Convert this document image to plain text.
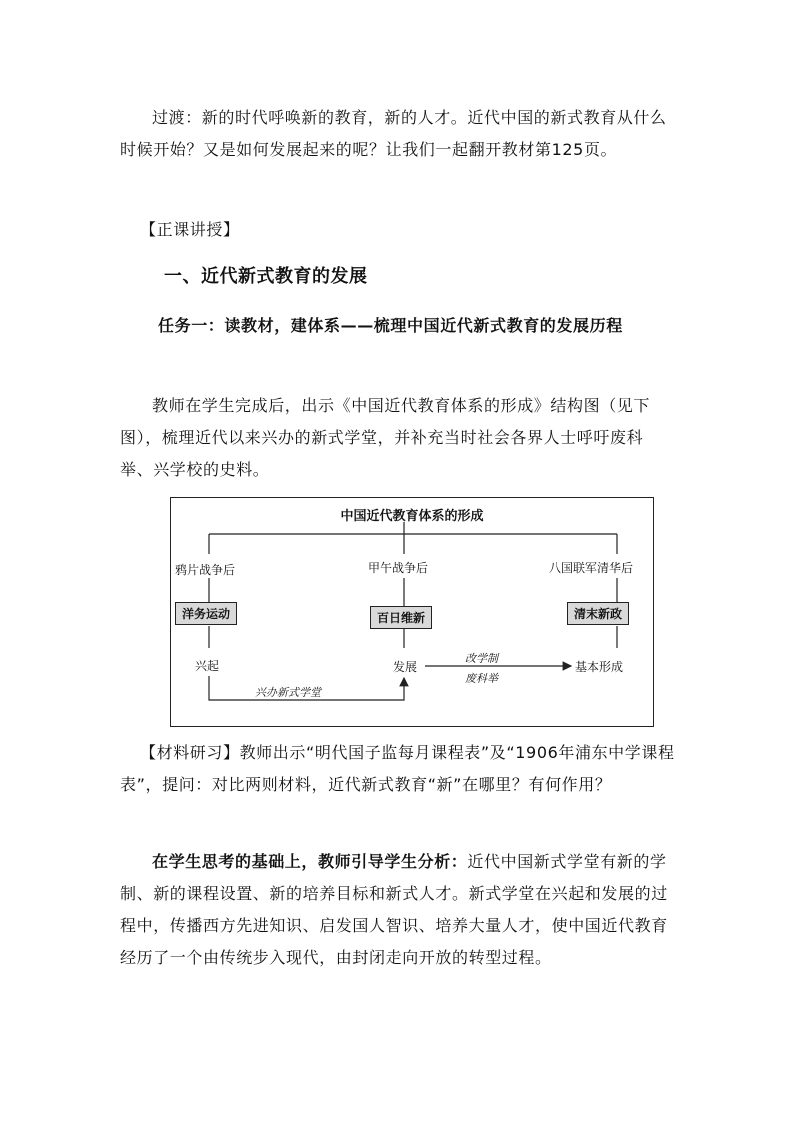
过渡：新的时代呼唤新的教育，新的人才。近代中国的新式教育从什么时候开始？又是如何发展起来的呢？让我们一起翻开教材第125页。

【正课讲授】

一、近代新式教育的发展

任务一：读教材，建体系——梳理中国近代新式教育的发展历程

教师在学生完成后，出示《中国近代教育体系的形成》结构图（见下图），梳理近代以来兴办的新式学堂，并补充当时社会各界人士呼吁废科举、兴学校的史料。

中国近代教育体系的形成
鸦片战争后	甲午战争后	八国联军清华后
洋务运动	百日维新	清末新政
兴起	发展	基本形成
兴办新式学堂
改学制
废科举

【材料研习】教师出示“明代国子监每月课程表”及“1906年浦东中学课程表”，提问：对比两则材料，近代新式教育“新”在哪里？有何作用？

在学生思考的基础上，教师引导学生分析：近代中国新式学堂有新的学制、新的课程设置、新的培养目标和新式人才。新式学堂在兴起和发展的过程中，传播西方先进知识、启发国人智识、培养大量人才，使中国近代教育经历了一个由传统步入现代，由封闭走向开放的转型过程。
